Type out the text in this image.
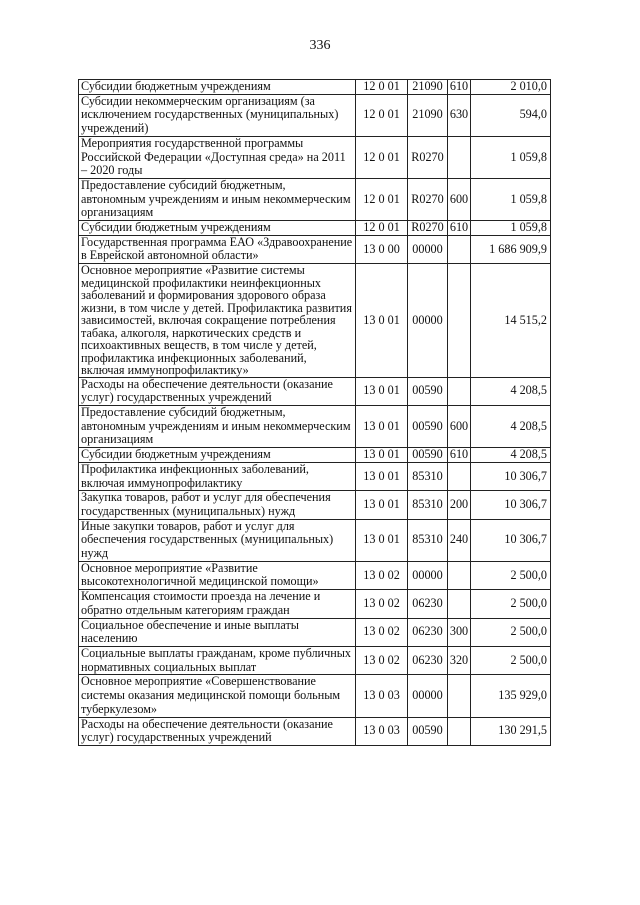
336
Субсидии бюджетным учреждениям	12 0 01	21090	610	2 010,0
Субсидии некоммерческим организациям (за исключением государственных (муниципальных) учреждений)	12 0 01	21090	630	594,0
Мероприятия государственной программы Российской Федерации «Доступная среда» на 2011 – 2020 годы	12 0 01	R0270		1 059,8
Предоставление субсидий бюджетным, автономным учреждениям и иным некоммерческим организациям	12 0 01	R0270	600	1 059,8
Субсидии бюджетным учреждениям	12 0 01	R0270	610	1 059,8
Государственная программа ЕАО «Здравоохранение в Еврейской автономной области»	13 0 00	00000		1 686 909,9
Основное мероприятие «Развитие системы медицинской профилактики неинфекционных заболеваний и формирования здорового образа жизни, в том числе у детей. Профилактика развития зависимостей, включая сокращение потребления табака, алкоголя, наркотических средств и психоактивных веществ, в том числе у детей, профилактика инфекционных заболеваний, включая иммунопрофилактику»	13 0 01	00000		14 515,2
Расходы на обеспечение деятельности (оказание услуг) государственных учреждений	13 0 01	00590		4 208,5
Предоставление субсидий бюджетным, автономным учреждениям и иным некоммерческим организациям	13 0 01	00590	600	4 208,5
Субсидии бюджетным учреждениям	13 0 01	00590	610	4 208,5
Профилактика инфекционных заболеваний, включая иммунопрофилактику	13 0 01	85310		10 306,7
Закупка товаров, работ и услуг для обеспечения государственных (муниципальных) нужд	13 0 01	85310	200	10 306,7
Иные закупки товаров, работ и услуг для обеспечения государственных (муниципальных) нужд	13 0 01	85310	240	10 306,7
Основное мероприятие «Развитие высокотехнологичной медицинской помощи»	13 0 02	00000		2 500,0
Компенсация стоимости проезда на лечение и обратно отдельным категориям граждан	13 0 02	06230		2 500,0
Социальное обеспечение и иные выплаты населению	13 0 02	06230	300	2 500,0
Социальные выплаты гражданам, кроме публичных нормативных социальных выплат	13 0 02	06230	320	2 500,0
Основное мероприятие «Совершенствование системы оказания медицинской помощи больным туберкулезом»	13 0 03	00000		135 929,0
Расходы на обеспечение деятельности (оказание услуг) государственных учреждений	13 0 03	00590		130 291,5
